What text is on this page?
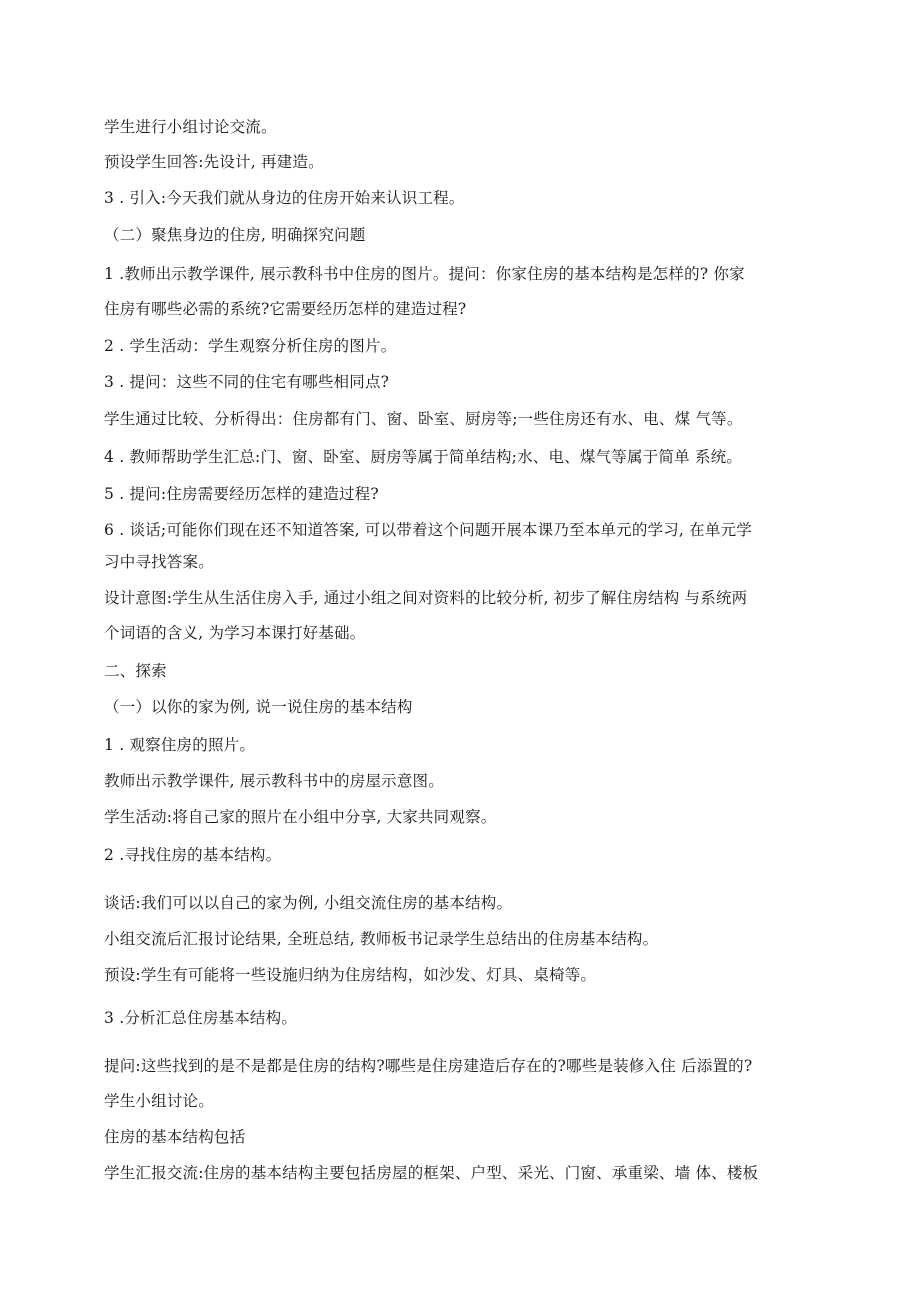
学生进行小组讨论交流。
预设学生回答:先设计, 再建造。
3 . 引入:今天我们就从身边的住房开始来认识工程。
（二）聚焦身边的住房, 明确探究问题
1 .教师出示教学课件, 展示教科书中住房的图片。提问：你家住房的基本结构是怎样的? 你家
住房有哪些必需的系统?它需要经历怎样的建造过程?
2 . 学生活动：学生观察分析住房的图片。
3 . 提问：这些不同的住宅有哪些相同点?
学生通过比较、分析得出：住房都有门、窗、卧室、厨房等;一些住房还有水、电、煤 气等。
4 . 教师帮助学生汇总:门、窗、卧室、厨房等属于简单结构;水、电、煤气等属于简单 系统。
5 . 提问:住房需要经历怎样的建造过程?
6 . 谈话;可能你们现在还不知道答案, 可以带着这个问题开展本课乃至本单元的学习, 在单元学
习中寻找答案。
设计意图:学生从生活住房入手, 通过小组之间对资料的比较分析, 初步了解住房结构 与系统两
个词语的含义, 为学习本课打好基础。
二、探索
（一）以你的家为例, 说一说住房的基本结构
1 . 观察住房的照片。
教师出示教学课件, 展示教科书中的房屋示意图。
学生活动:将自己家的照片在小组中分享, 大家共同观察。
2 .寻找住房的基本结构。
谈话:我们可以以自己的家为例, 小组交流住房的基本结构。
小组交流后汇报讨论结果, 全班总结, 教师板书记录学生总结出的住房基本结构。
预设:学生有可能将一些设施归纳为住房结构，如沙发、灯具、桌椅等。
3 .分析汇总住房基本结构。
提问:这些找到的是不是都是住房的结构?哪些是住房建造后存在的?哪些是装修入住 后添置的?
学生小组讨论。
住房的基本结构包括
学生汇报交流:住房的基本结构主要包括房屋的框架、户型、采光、门窗、承重梁、墙 体、楼板
